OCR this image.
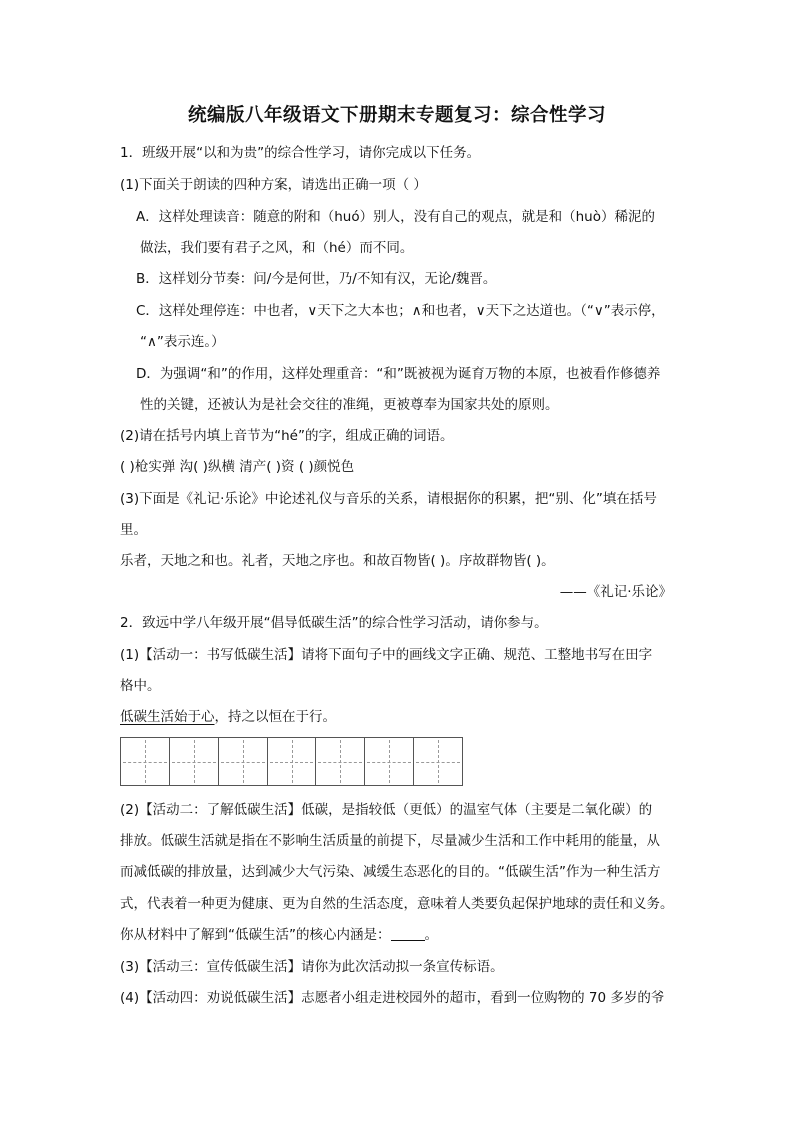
统编版八年级语文下册期末专题复习：综合性学习
1．班级开展“以和为贵”的综合性学习，请你完成以下任务。
(1)下面关于朗读的四种方案，请选出正确一项（ ）
A．这样处理读音：随意的附和（huó）别人，没有自己的观点，就是和（huò）稀泥的
做法，我们要有君子之风，和（hé）而不同。
B．这样划分节奏：问/今是何世，乃/不知有汉，无论/魏晋。
C．这样处理停连：中也者，∨天下之大本也；∧和也者，∨天下之达道也。（“∨”表示停，
“∧”表示连。）
D．为强调“和”的作用，这样处理重音：“和”既被视为诞育万物的本原，也被看作修德养
性的关键，还被认为是社会交往的准绳，更被尊奉为国家共处的原则。
(2)请在括号内填上音节为“hé”的字，组成正确的词语。
( )枪实弹 沟( )纵横 清产( )资 ( )颜悦色
(3)下面是《礼记·乐论》中论述礼仪与音乐的关系，请根据你的积累，把“别、化”填在括号
里。
乐者，天地之和也。礼者，天地之序也。和故百物皆( )。序故群物皆( )。
——《礼记·乐论》
2．致远中学八年级开展“倡导低碳生活”的综合性学习活动，请你参与。
(1)【活动一：书写低碳生活】请将下面句子中的画线文字正确、规范、工整地书写在田字
格中。
低碳生活始于心，持之以恒在于行。
(2)【活动二：了解低碳生活】低碳，是指较低（更低）的温室气体（主要是二氧化碳）的
排放。低碳生活就是指在不影响生活质量的前提下，尽量减少生活和工作中耗用的能量，从
而减低碳的排放量，达到减少大气污染、减缓生态恶化的目的。“低碳生活”作为一种生活方
式，代表着一种更为健康、更为自然的生活态度，意味着人类要负起保护地球的责任和义务。
你从材料中了解到“低碳生活”的核心内涵是：	。
(3)【活动三：宣传低碳生活】请你为此次活动拟一条宣传标语。
(4)【活动四：劝说低碳生活】志愿者小组走进校园外的超市，看到一位购物的 70 多岁的爷
